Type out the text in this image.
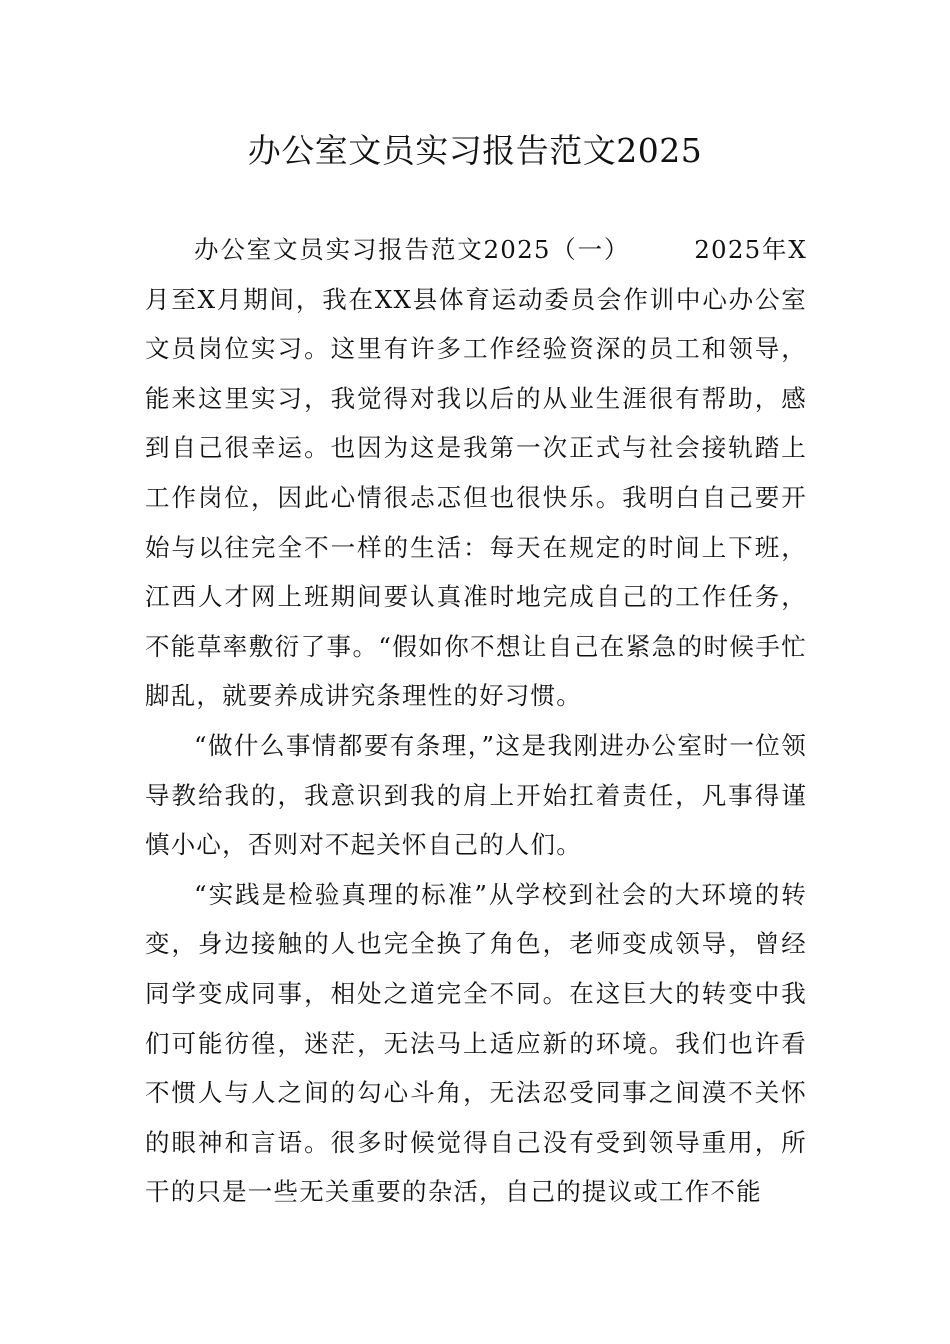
办公室文员实习报告范文2025

办公室文员实习报告范文2025（一）	2025年X月至X月期间，我在XX县体育运动委员会作训中心办公室文员岗位实习。这里有许多工作经验资深的员工和领导，能来这里实习，我觉得对我以后的从业生涯很有帮助，感到自己很幸运。也因为这是我第一次正式与社会接轨踏上工作岗位，因此心情很忐忑但也很快乐。我明白自己要开始与以往完全不一样的生活：每天在规定的时间上下班，江西人才网上班期间要认真准时地完成自己的工作任务，不能草率敷衍了事。“假如你不想让自己在紧急的时候手忙脚乱，就要养成讲究条理性的好习惯。

“做什么事情都要有条理，”这是我刚进办公室时一位领导教给我的，我意识到我的肩上开始扛着责任，凡事得谨慎小心，否则对不起关怀自己的人们。

“实践是检验真理的标准”从学校到社会的大环境的转变，身边接触的人也完全换了角色，老师变成领导，曾经同学变成同事，相处之道完全不同。在这巨大的转变中我们可能彷徨，迷茫，无法马上适应新的环境。我们也许看不惯人与人之间的勾心斗角，无法忍受同事之间漠不关怀的眼神和言语。很多时候觉得自己没有受到领导重用，所干的只是一些无关重要的杂活，自己的提议或工作不能
